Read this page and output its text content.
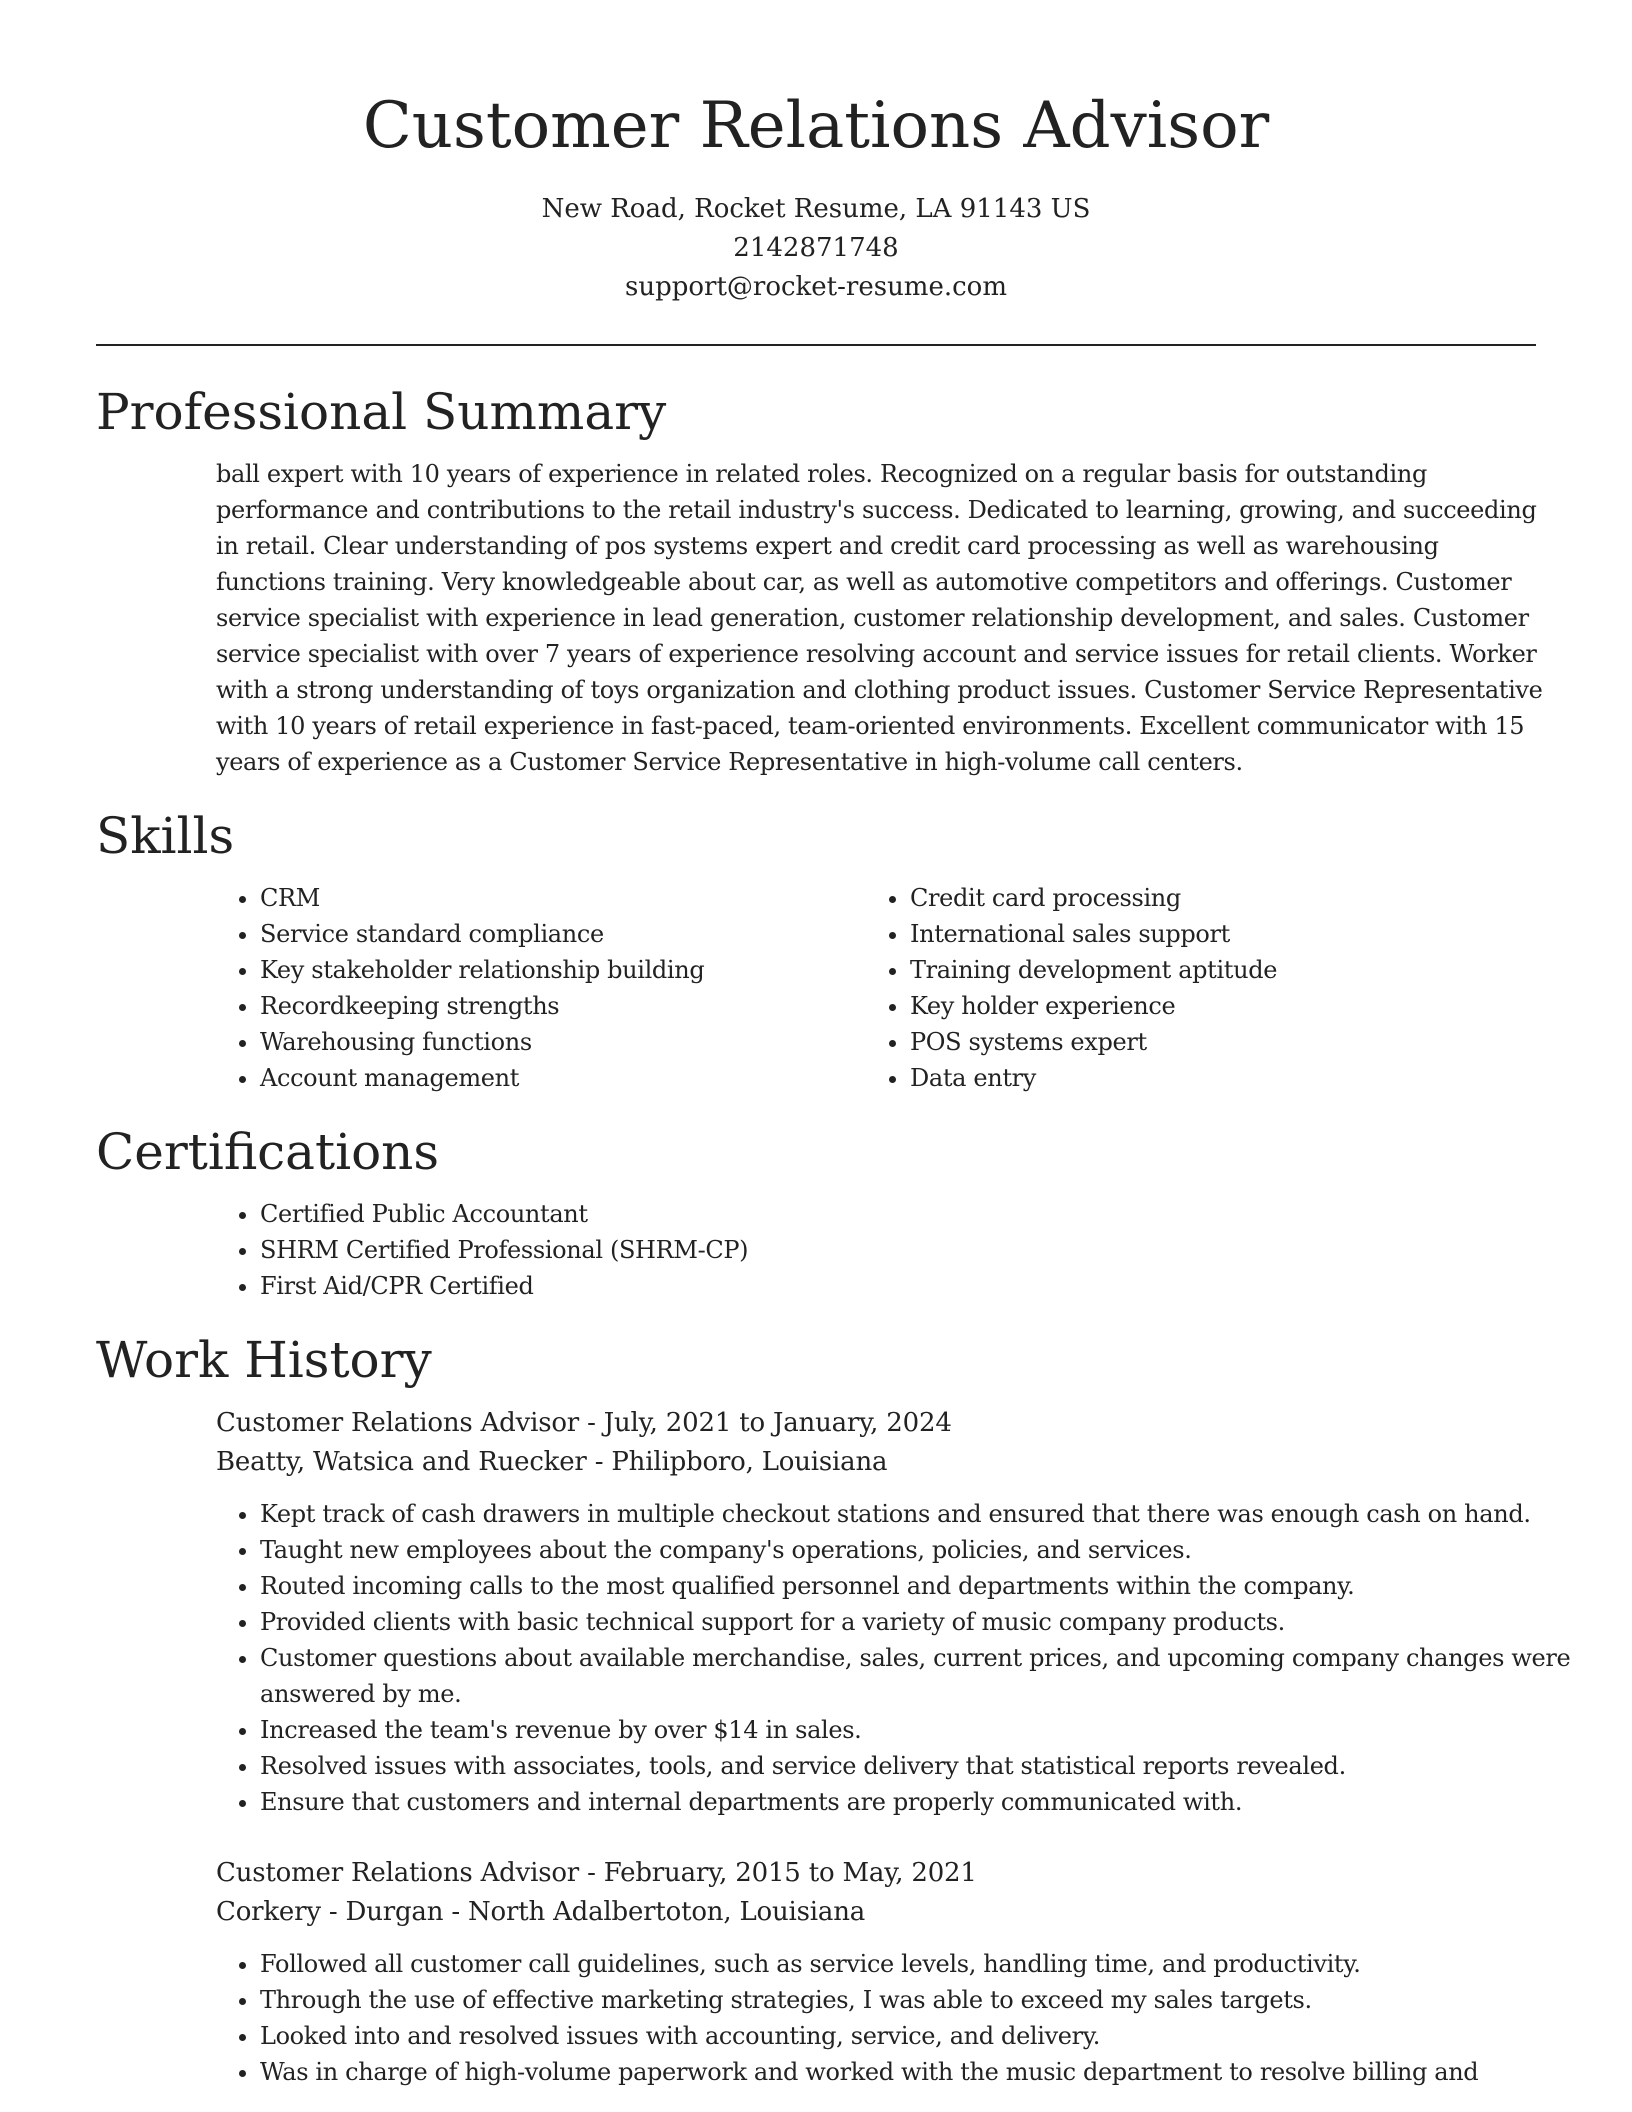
Customer Relations Advisor
New Road, Rocket Resume, LA 91143 US
2142871748
support@rocket-resume.com
Professional Summary

ball expert with 10 years of experience in related roles. Recognized on a regular basis for outstanding performance and contributions to the retail industry's success. Dedicated to learning, growing, and succeeding in retail. Clear understanding of pos systems expert and credit card processing as well as warehousing functions training. Very knowledgeable about car, as well as automotive competitors and offerings. Customer service specialist with experience in lead generation, customer relationship development, and sales. Customer service specialist with over 7 years of experience resolving account and service issues for retail clients. Worker with a strong understanding of toys organization and clothing product issues. Customer Service Representative with 10 years of retail experience in fast-paced, team-oriented environments. Excellent communicator with 15 years of experience as a Customer Service Representative in high-volume call centers.

Skills
• CRM
• Service standard compliance
• Key stakeholder relationship building
• Recordkeeping strengths
• Warehousing functions
• Account management
• Credit card processing
• International sales support
• Training development aptitude
• Key holder experience
• POS systems expert
• Data entry
Certifications
• Certified Public Accountant
• SHRM Certified Professional (SHRM-CP)
• First Aid/CPR Certified
Work History
Customer Relations Advisor - July, 2021 to January, 2024
Beatty, Watsica and Ruecker - Philipboro, Louisiana
• Kept track of cash drawers in multiple checkout stations and ensured that there was enough cash on hand.
• Taught new employees about the company's operations, policies, and services.
• Routed incoming calls to the most qualified personnel and departments within the company.
• Provided clients with basic technical support for a variety of music company products.
• Customer questions about available merchandise, sales, current prices, and upcoming company changes were answered by me.
• Increased the team's revenue by over $14 in sales.
• Resolved issues with associates, tools, and service delivery that statistical reports revealed.
• Ensure that customers and internal departments are properly communicated with.
Customer Relations Advisor - February, 2015 to May, 2021
Corkery - Durgan - North Adalbertoton, Louisiana
• Followed all customer call guidelines, such as service levels, handling time, and productivity.
• Through the use of effective marketing strategies, I was able to exceed my sales targets.
• Looked into and resolved issues with accounting, service, and delivery.
• Was in charge of high-volume paperwork and worked with the music department to resolve billing and
